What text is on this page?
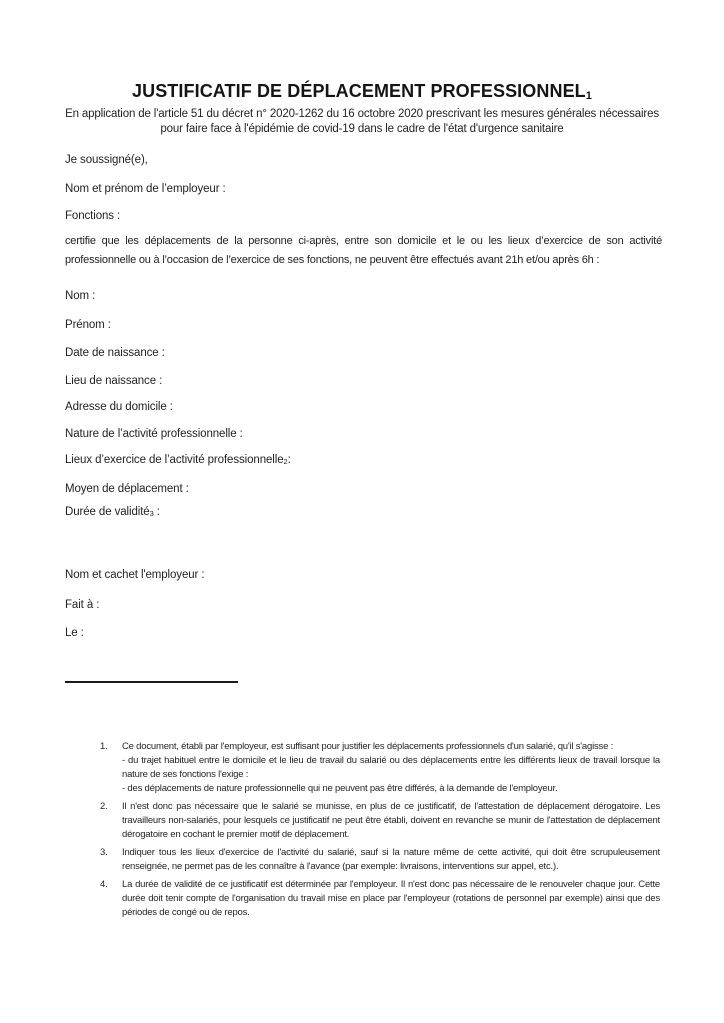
JUSTIFICATIF DE DÉPLACEMENT $PROFESSIONNEL_1$

En application de l'article 51 du décret n° 2020-1262 du 16 octobre 2020 prescrivant les mesures générales nécessaires pour faire face à l'épidémie de covid-19 dans le cadre de l'état d'urgence sanitaire

Je soussigné(e),
Nom et prénom de l’employeur :
Fonctions :

certifie que les déplacements de la personne ci-après, entre son domicile et le ou les lieux d’exercice de son activité professionnelle ou à l’occasion de l’exercice de ses fonctions, ne peuvent être effectués avant 21h et/ou après 6h :

Nom :
Prénom :
Date de naissance :
Lieu de naissance :
Adresse du domicile :
Nature de l’activité professionnelle :
Lieux d’exercice de l’activité professionnelle$_2$:
Moyen de déplacement :
Durée de validité$_3$ :
Nom et cachet l'employeur :
Fait à :
Le :
1.	Ce document, établi par l'employeur, est suffisant pour justifier les déplacements professionnels d'un salarié, qu'il s'agisse :
- du trajet habituel entre le domicile et le lieu de travail du salarié ou des déplacements entre les différents lieux de travail lorsque la nature de ses fonctions l'exige :
- des déplacements de nature professionnelle qui ne peuvent pas être différés, à la demande de l'employeur.
2.	Il n'est donc pas nécessaire que le salarié se munisse, en plus de ce justificatif, de l'attestation de déplacement dérogatoire. Les travailleurs non-salariés, pour lesquels ce justificatif ne peut être établi, doivent en revanche se munir de l'attestation de déplacement dérogatoire en cochant le premier motif de déplacement.
3.	Indiquer tous les lieux d'exercice de l'activité du salarié, sauf si la nature même de cette activité, qui doit être scrupuleusement renseignée, ne permet pas de les connaître à l'avance (par exemple: livraisons, interventions sur appel, etc.).
4.	La durée de validité de ce justificatif est déterminée par l'employeur. Il n'est donc pas nécessaire de le renouveler chaque jour. Cette durée doit tenir compte de l'organisation du travail mise en place par l'employeur (rotations de personnel par exemple) ainsi que des périodes de congé ou de repos.
